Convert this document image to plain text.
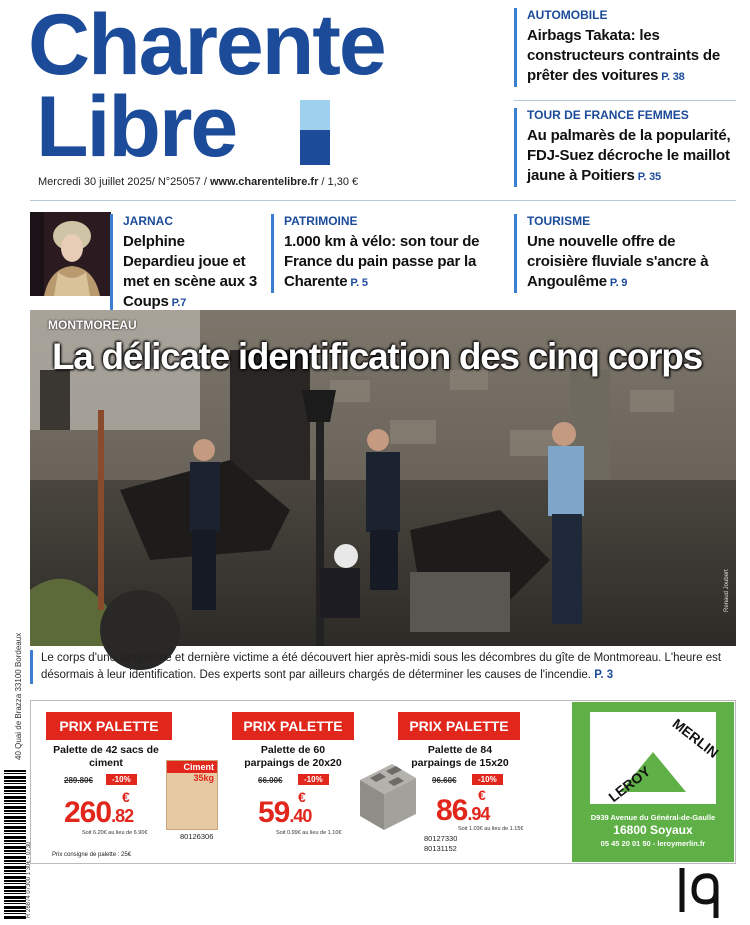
Charente
Libre
Mercredi 30 juillet 2025/ N°25057 / www.charentelibre.fr / 1,30 €
AUTOMOBILE
Airbags Takata: les constructeurs contraints de prêter des voitures P. 38
TOUR DE FRANCE FEMMES
Au palmarès de la popularité, FDJ-Suez décroche le maillot jaune à Poitiers P. 35
JARNAC
Delphine Depardieu joue et met en scène aux 3 Coups P.7
PATRIMOINE
1.000 km à vélo: son tour de France du pain passe par la Charente P. 5
TOURISME
Une nouvelle offre de croisière fluviale s'ancre à Angoulême P. 9
MONTMOREAU
La délicate identification des cinq corps
Renaud Joubert
Le corps d'une cinquième et dernière victime a été découvert hier après-midi sous les décombres du gîte de Montmoreau. L'heure est désormais à leur identification. Des experts sont par ailleurs chargés de déterminer les causes de l'incendie. P. 3
PRIX PALETTE
Palette de 42 sacs de ciment
289.80€	-10%
260.82
€
Soit 6.20€ au lieu de 6.90€
Ciment
35kg
80126306
Prix consigne de palette : 25€
PRIX PALETTE
Palette de 60 parpaings de 20x20
66.00€	-10%
59.40
€
Soit 0.99€ au lieu de 1.10€
PRIX PALETTE
Palette de 84 parpaings de 15x20
96.60€	-10%
86.94
€
Soit 1.03€ au lieu de 1.15€
80127330
80131152
LEROY
MERLIN
D939 Avenue du Général-de-Gaulle
16800 Soyaux
05 45 20 01 50 - leroymerlin.fr
40 Quai de Brazza 33100 Bordeaux
R 28874 07300 1 30€ - 0730
